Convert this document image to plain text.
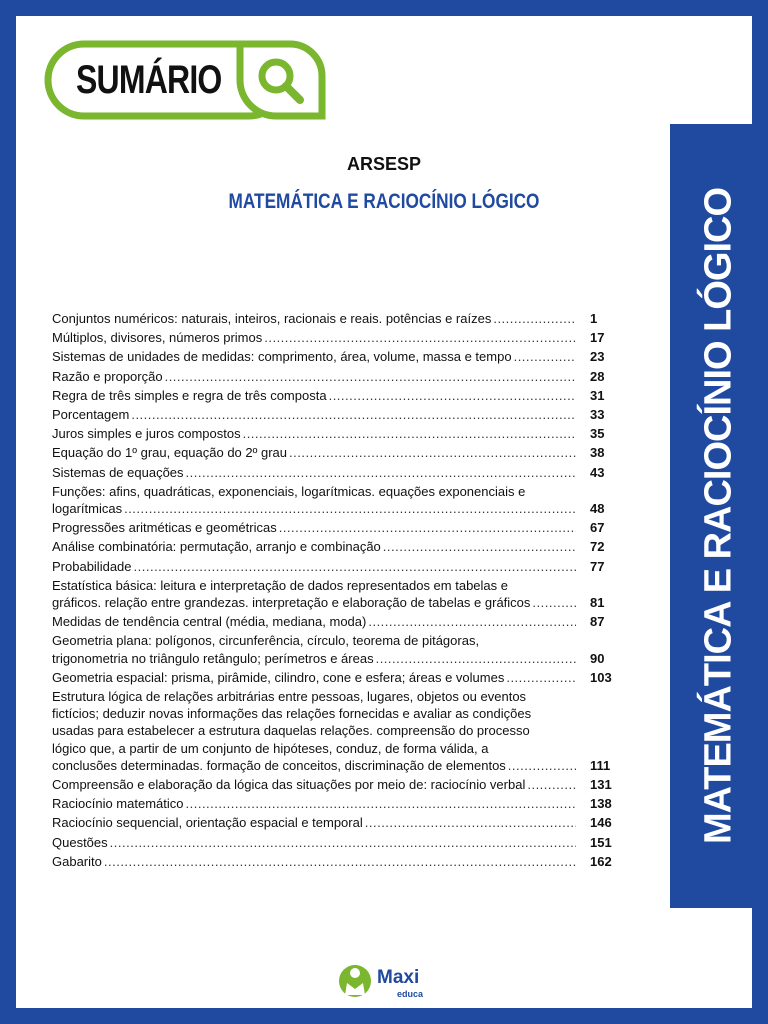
MATEMÁTICA E RACIOCÍNIO LÓGICO
SUMÁRIO
ARSESP
MATEMÁTICA E RACIOCÍNIO LÓGICO
Conjuntos numéricos: naturais, inteiros, racionais e reais. potências e raízes .....	1
Múltiplos, divisores, números primos .....	17
Sistemas de unidades de medidas: comprimento, área, volume, massa e tempo .....	23
Razão e proporção .....	28
Regra de três simples e regra de três composta .....	31
Porcentagem .....	33
Juros simples e juros compostos .....	35
Equação do 1º grau, equação do 2º grau .....	38
Sistemas de equações .....	43
Funções: afins, quadráticas, exponenciais, logarítmicas. equações exponenciais e
logarítmicas .....	48
Progressões aritméticas e geométricas .....	67
Análise combinatória: permutação, arranjo e combinação .....	72
Probabilidade .....	77
Estatística básica: leitura e interpretação de dados representados em tabelas e
gráficos. relação entre grandezas. interpretação e elaboração de tabelas e gráficos .....	81
Medidas de tendência central (média, mediana, moda) .....	87
Geometria plana: polígonos, circunferência, círculo, teorema de pitágoras,
trigonometria no triângulo retângulo; perímetros e áreas .....	90
Geometria espacial: prisma, pirâmide, cilindro, cone e esfera; áreas e volumes .....	103
Estrutura lógica de relações arbitrárias entre pessoas, lugares, objetos ou eventos
fictícios; deduzir novas informações das relações fornecidas e avaliar as condições
usadas para estabelecer a estrutura daquelas relações. compreensão do processo
lógico que, a partir de um conjunto de hipóteses, conduz, de forma válida, a
conclusões determinadas. formação de conceitos, discriminação de elementos .....	111
Compreensão e elaboração da lógica das situações por meio de: raciocínio verbal .....	131
Raciocínio matemático .....	138
Raciocínio sequencial, orientação espacial e temporal .....	146
Questões .....	151
Gabarito .....	162
Maxi
educa
